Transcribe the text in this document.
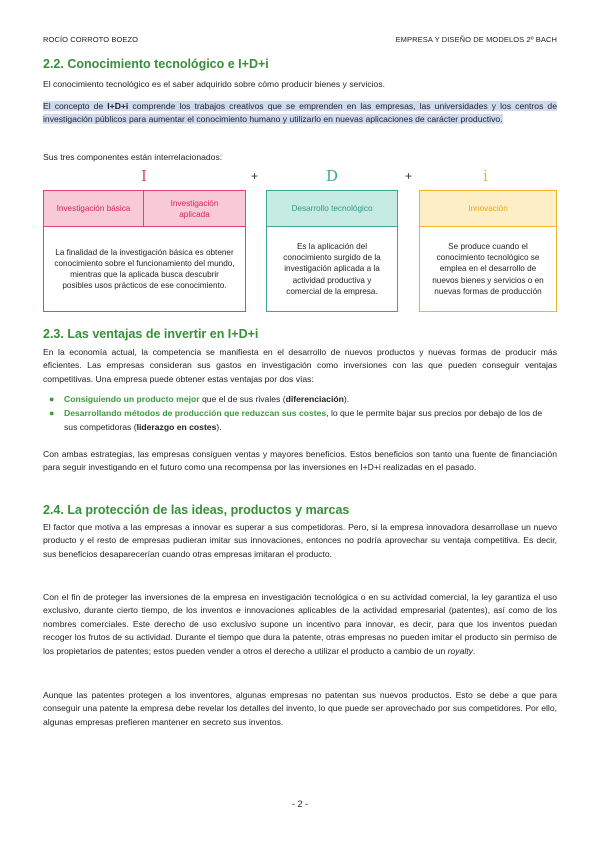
ROCÍO CORROTO BOEZO	EMPRESA Y DISEÑO DE MODELOS 2º BACH
2.2. Conocimiento tecnológico e I+D+i

El conocimiento tecnológico es el saber adquirido sobre cómo producir bienes y servicios.

El concepto de I+D+i comprende los trabajos creativos que se emprenden en las empresas, las universidades y los centros de investigación públicos para aumentar el conocimiento humano y utilizarlo en nuevas aplicaciones de carácter productivo.

Sus tres componentes están interrelacionados:

I	+	D	+	i
Investigación básica
Investigación aplicada
La finalidad de la investigación básica es obtener conocimiento sobre el funcionamiento del mundo, mientras que la aplicada busca descubrir posibles usos prácticos de ese conocimiento.
Desarrollo tecnológico
Es la aplicación del conocimiento surgido de la investigación aplicada a la actividad productiva y comercial de la empresa.
Innovación
Se produce cuando el conocimiento tecnológico se emplea en el desarrollo de nuevos bienes y servicios o en nuevas formas de producción
2.3. Las ventajas de invertir en I+D+i

En la economía actual, la competencia se manifiesta en el desarrollo de nuevos productos y nuevas formas de producir más eficientes. Las empresas consideran sus gastos en investigación como inversiones con las que pueden conseguir ventajas competitivas. Una empresa puede obtener estas ventajas por dos vías:

● Consiguiendo un producto mejor que el de sus rivales (diferenciación).
● Desarrollando métodos de producción que reduzcan sus costes, lo que le permite bajar sus precios por debajo de los de sus competidoras (liderazgo en costes).

Con ambas estrategias, las empresas consiguen ventas y mayores beneficios. Estos beneficios son tanto una fuente de financiación para seguir investigando en el futuro como una recompensa por las inversiones en I+D+i realizadas en el pasado.

2.4. La protección de las ideas, productos y marcas

El factor que motiva a las empresas a innovar es superar a sus competidoras. Pero, si la empresa innovadora desarrollase un nuevo producto y el resto de empresas pudieran imitar sus innovaciones, entonces no podría aprovechar su ventaja competitiva. Es decir, sus beneficios desaparecerían cuando otras empresas imitaran el producto.

Con el fin de proteger las inversiones de la empresa en investigación tecnológica o en su actividad comercial, la ley garantiza el uso exclusivo, durante cierto tiempo, de los inventos e innovaciones aplicables de la actividad empresarial (patentes), así como de los nombres comerciales. Este derecho de uso exclusivo supone un incentivo para innovar, es decir, para que los inventos puedan recoger los frutos de su actividad. Durante el tiempo que dura la patente, otras empresas no pueden imitar el producto sin permiso de los propietarios de patentes; estos pueden vender a otros el derecho a utilizar el producto a cambio de un royalty.

Aunque las patentes protegen a los inventores, algunas empresas no patentan sus nuevos productos. Esto se debe a que para conseguir una patente la empresa debe revelar los detalles del invento, lo que puede ser aprovechado por sus competidores. Por ello, algunas empresas prefieren mantener en secreto sus inventos.

- 2 -
